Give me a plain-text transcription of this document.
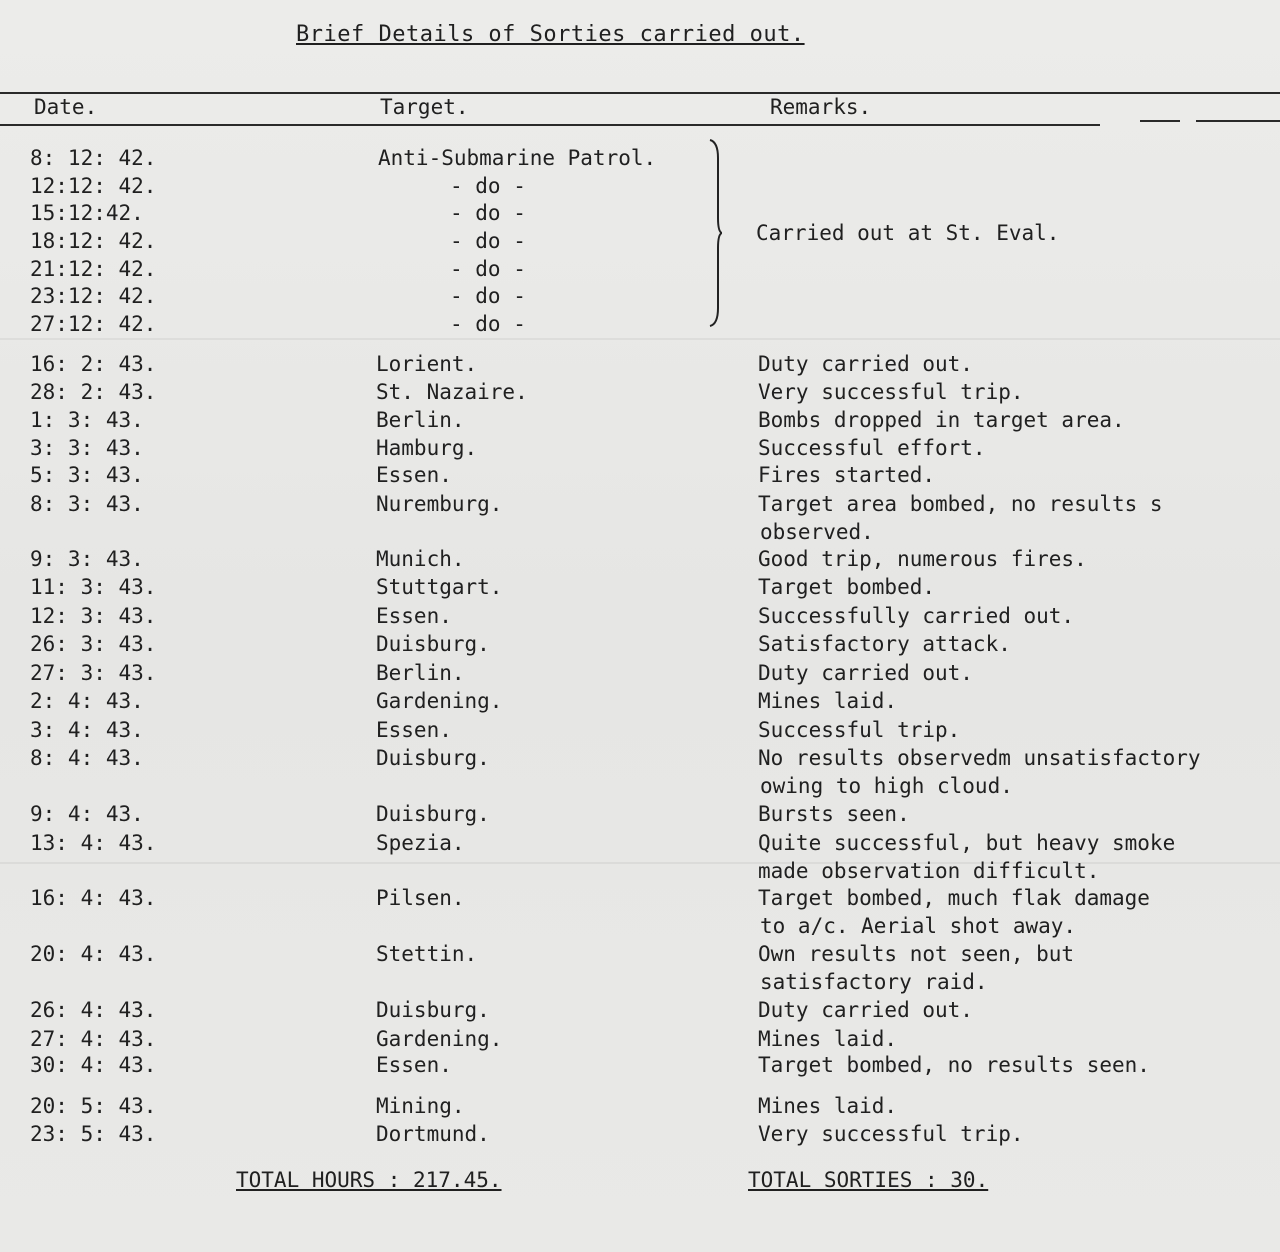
Brief Details of Sorties carried out.
Date.	Target.	Remarks.
8: 12: 42.	Anti-Submarine Patrol.
12:12: 42.	- do -
15:12:42.	- do -
18:12: 42.	- do -
21:12: 42.	- do -
23:12: 42.	- do -
27:12: 42.	- do -
Carried out at St. Eval.
16: 2: 43.	Lorient.	Duty carried out.
28: 2: 43.	St. Nazaire.	Very successful trip.
1: 3: 43.	Berlin.	Bombs dropped in target area.
3: 3: 43.	Hamburg.	Successful effort.
5: 3: 43.	Essen.	Fires started.
8: 3: 43.	Nuremburg.	Target area bombed, no results s
observed.
9: 3: 43.	Munich.	Good trip, numerous fires.
11: 3: 43.	Stuttgart.	Target bombed.
12: 3: 43.	Essen.	Successfully carried out.
26: 3: 43.	Duisburg.	Satisfactory attack.
27: 3: 43.	Berlin.	Duty carried out.
2: 4: 43.	Gardening.	Mines laid.
3: 4: 43.	Essen.	Successful trip.
8: 4: 43.	Duisburg.	No results observedm unsatisfactory
owing to high cloud.
9: 4: 43.	Duisburg.	Bursts seen.
13: 4: 43.	Spezia.	Quite successful, but heavy smoke
made observation difficult.
16: 4: 43.	Pilsen.	Target bombed, much flak damage
to a/c. Aerial shot away.
20: 4: 43.	Stettin.	Own results not seen, but
satisfactory raid.
26: 4: 43.	Duisburg.	Duty carried out.
27: 4: 43.	Gardening.	Mines laid.
30: 4: 43.	Essen.	Target bombed, no results seen.
20: 5: 43.	Mining.	Mines laid.
23: 5: 43.	Dortmund.	Very successful trip.
TOTAL HOURS : 217.45.	TOTAL SORTIES : 30.
